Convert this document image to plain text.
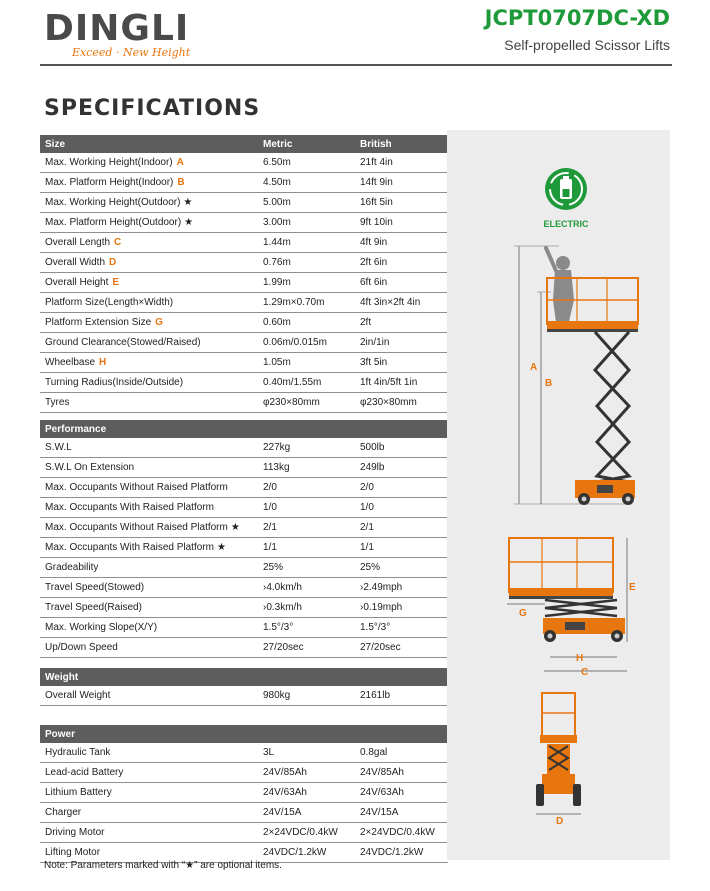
DINGLI
Exceed · New Height
JCPT0707DC-XD
Self-propelled Scissor Lifts
SPECIFICATIONS
Size	Metric	British
Max. Working Height(Indoor) A	6.50m	21ft 4in
Max. Platform Height(Indoor) B	4.50m	14ft 9in
Max. Working Height(Outdoor) ★	5.00m	16ft 5in
Max. Platform Height(Outdoor) ★	3.00m	9ft 10in
Overall Length C	1.44m	4ft 9in
Overall Width D	0.76m	2ft 6in
Overall Height E	1.99m	6ft 6in
Platform Size(Length×Width)	1.29m×0.70m	4ft 3in×2ft 4in
Platform Extension Size G	0.60m	2ft
Ground Clearance(Stowed/Raised)	0.06m/0.015m	2in/1in
Wheelbase H	1.05m	3ft 5in
Turning Radius(Inside/Outside)	0.40m/1.55m	1ft 4in/5ft 1in
Tyres	φ230×80mm	φ230×80mm
Performance		
S.W.L	227kg	500lb
S.W.L On Extension	113kg	249lb
Max. Occupants Without Raised Platform	2/0	2/0
Max. Occupants With Raised Platform	1/0	1/0
Max. Occupants Without Raised Platform ★	2/1	2/1
Max. Occupants With Raised Platform ★	1/1	1/1
Gradeability	25%	25%
Travel Speed(Stowed)	›4.0km/h	›2.49mph
Travel Speed(Raised)	›0.3km/h	›0.19mph
Max. Working Slope(X/Y)	1.5°/3°	1.5°/3°
Up/Down Speed	27/20sec	27/20sec
Weight		
Overall Weight	980kg	2161lb
Power		
Hydraulic Tank	3L	0.8gal
Lead-acid Battery	24V/85Ah	24V/85Ah
Lithium Battery	24V/63Ah	24V/63Ah
Charger	24V/15A	24V/15A
Driving Motor	2×24VDC/0.4kW	2×24VDC/0.4kW
Lifting Motor	24VDC/1.2kW	24VDC/1.2kW
Note: Parameters marked with “★” are optional items.
ELECTRIC
A
B
E
G
H
C
D
